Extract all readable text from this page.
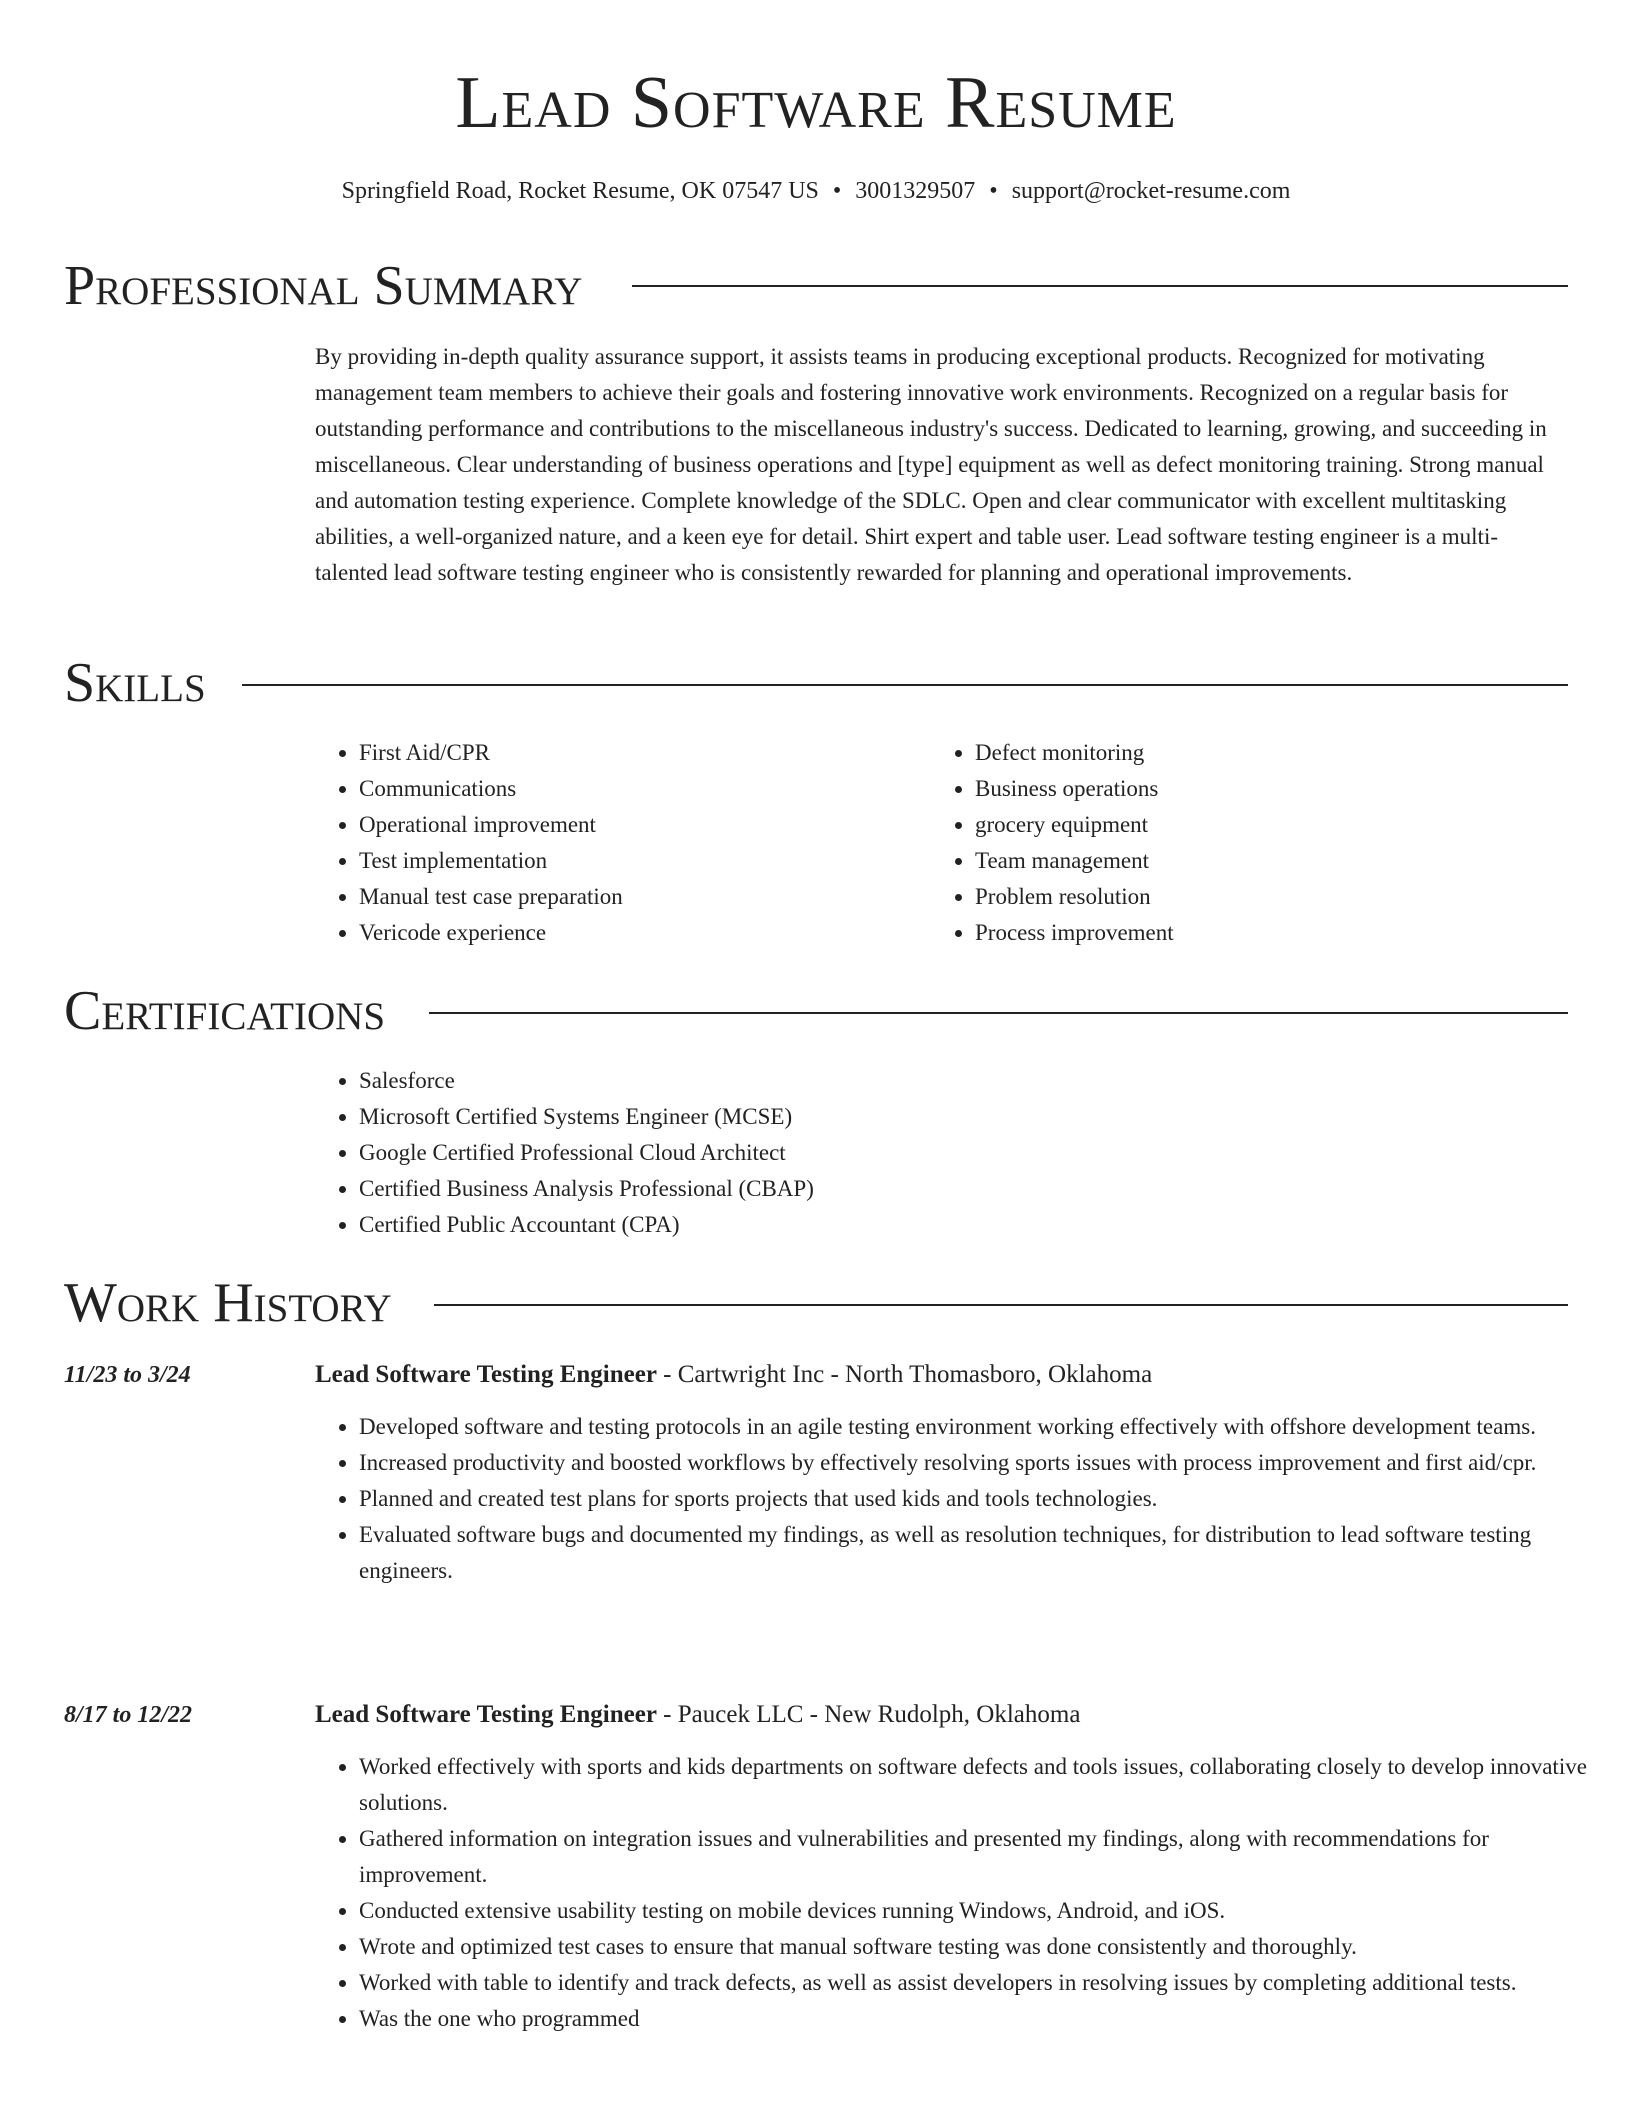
Lead Software Resume
Springfield Road, Rocket Resume, OK 07547 US • 3001329507 • support@rocket-resume.com
Professional Summary

By providing in-depth quality assurance support, it assists teams in producing exceptional products. Recognized for motivating management team members to achieve their goals and fostering innovative work environments. Recognized on a regular basis for outstanding performance and contributions to the miscellaneous industry's success. Dedicated to learning, growing, and succeeding in miscellaneous. Clear understanding of business operations and [type] equipment as well as defect monitoring training. Strong manual and automation testing experience. Complete knowledge of the SDLC. Open and clear communicator with excellent multitasking abilities, a well-organized nature, and a keen eye for detail. Shirt expert and table user. Lead software testing engineer is a multi-talented lead software testing engineer who is consistently rewarded for planning and operational improvements.

Skills
• First Aid/CPR
• Communications
• Operational improvement
• Test implementation
• Manual test case preparation
• Vericode experience
• Defect monitoring
• Business operations
• grocery equipment
• Team management
• Problem resolution
• Process improvement
Certifications
• Salesforce
• Microsoft Certified Systems Engineer (MCSE)
• Google Certified Professional Cloud Architect
• Certified Business Analysis Professional (CBAP)
• Certified Public Accountant (CPA)
Work History
11/23 to 3/24	Lead Software Testing Engineer - Cartwright Inc - North Thomasboro, Oklahoma
• Developed software and testing protocols in an agile testing environment working effectively with offshore development teams.
• Increased productivity and boosted workflows by effectively resolving sports issues with process improvement and first aid/cpr.
• Planned and created test plans for sports projects that used kids and tools technologies.
• Evaluated software bugs and documented my findings, as well as resolution techniques, for distribution to lead software testing engineers.
8/17 to 12/22	Lead Software Testing Engineer - Paucek LLC - New Rudolph, Oklahoma
• Worked effectively with sports and kids departments on software defects and tools issues, collaborating closely to develop innovative solutions.
• Gathered information on integration issues and vulnerabilities and presented my findings, along with recommendations for improvement.
• Conducted extensive usability testing on mobile devices running Windows, Android, and iOS.
• Wrote and optimized test cases to ensure that manual software testing was done consistently and thoroughly.
• Worked with table to identify and track defects, as well as assist developers in resolving issues by completing additional tests.
• Was the one who programmed
